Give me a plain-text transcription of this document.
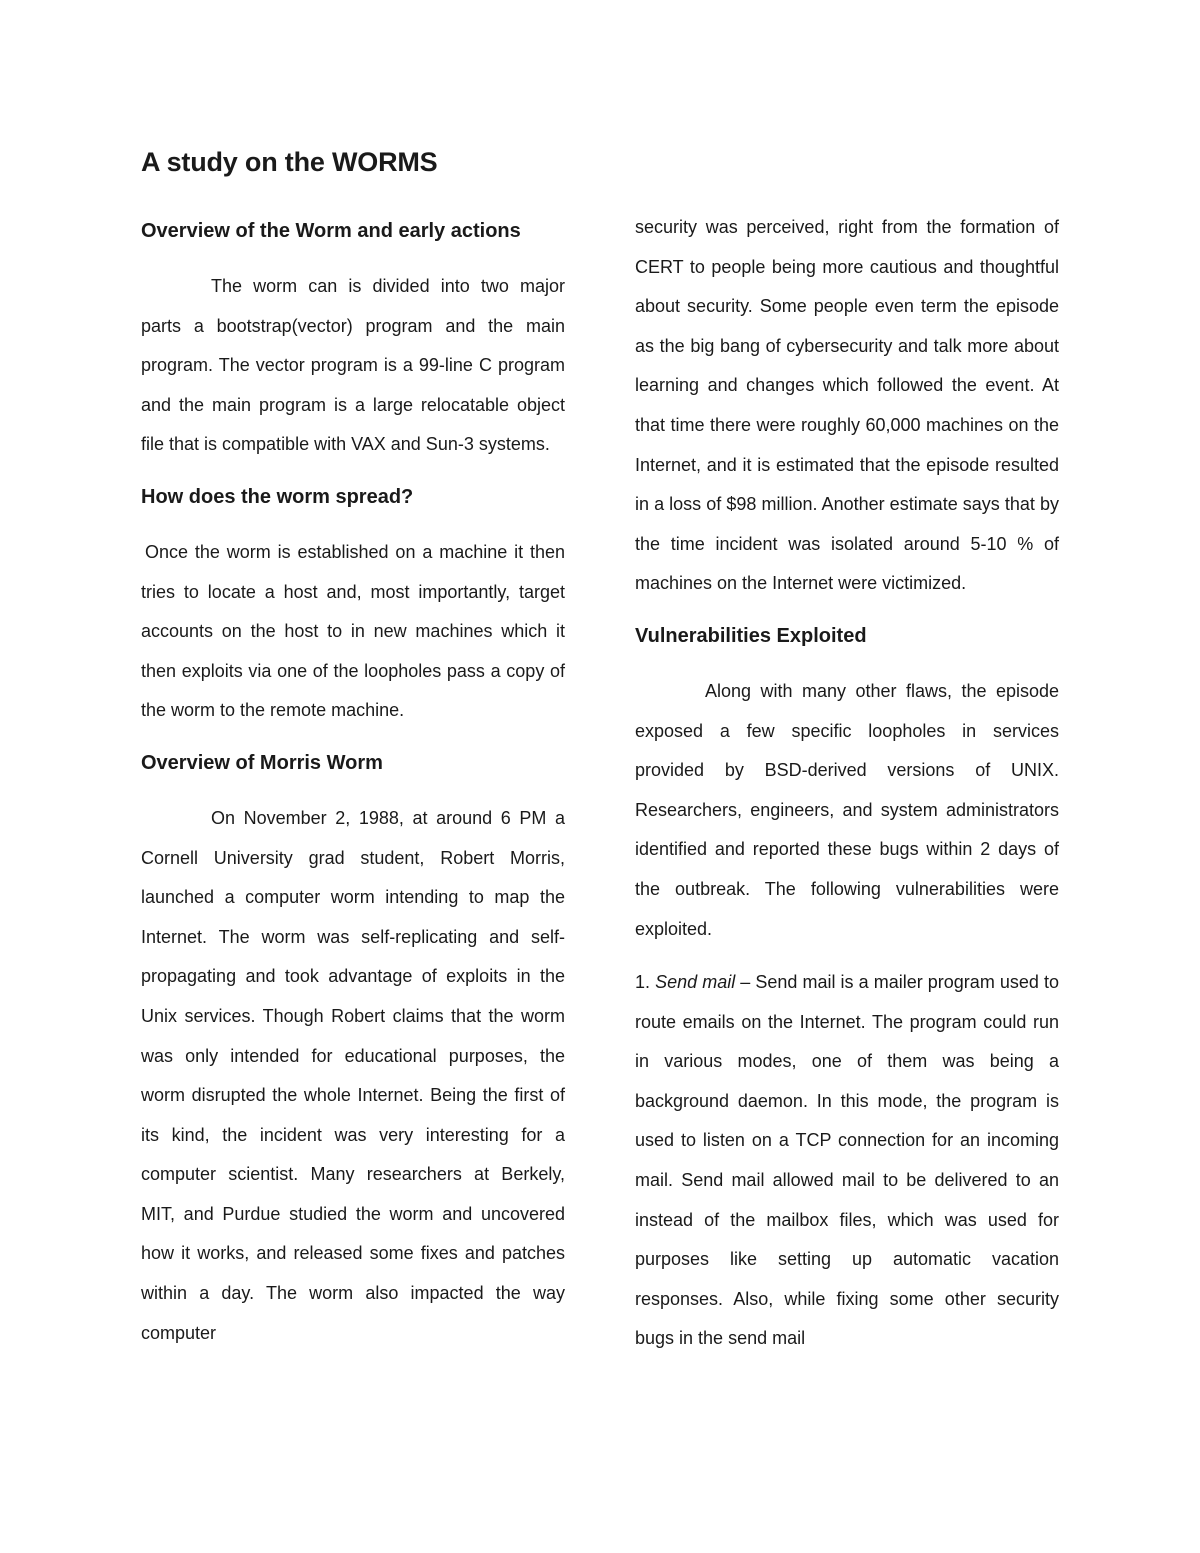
A study on the WORMS
Overview of the Worm and early actions

The worm can is divided into two major parts a bootstrap(vector) program and the main program. The vector program is a 99-line C program and the main program is a large relocatable object file that is compatible with VAX and Sun-3 systems.

How does the worm spread?

Once the worm is established on a machine it then tries to locate a host and, most importantly, target accounts on the host to in new machines which it then exploits via one of the loopholes pass a copy of the worm to the remote machine.

Overview of Morris Worm

On November 2, 1988, at around 6 PM a Cornell University grad student, Robert Morris, launched a computer worm intending to map the Internet. The worm was self-replicating and self-propagating and took advantage of exploits in the Unix services. Though Robert claims that the worm was only intended for educational purposes, the worm disrupted the whole Internet. Being the first of its kind, the incident was very interesting for a computer scientist. Many researchers at Berkely, MIT, and Purdue studied the worm and uncovered how it works, and released some fixes and patches within a day. The worm also impacted the way computer

security was perceived, right from the formation of CERT to people being more cautious and thoughtful about security. Some people even term the episode as the big bang of cybersecurity and talk more about learning and changes which followed the event. At that time there were roughly 60,000 machines on the Internet, and it is estimated that the episode resulted in a loss of $98 million. Another estimate says that by the time incident was isolated around 5-10 % of machines on the Internet were victimized.

Vulnerabilities Exploited

Along with many other flaws, the episode exposed a few specific loopholes in services provided by BSD-derived versions of UNIX. Researchers, engineers, and system administrators identified and reported these bugs within 2 days of the outbreak. The following vulnerabilities were exploited.

1. Send mail – Send mail is a mailer program used to route emails on the Internet. The program could run in various modes, one of them was being a background daemon. In this mode, the program is used to listen on a TCP connection for an incoming mail. Send mail allowed mail to be delivered to an instead of the mailbox files, which was used for purposes like setting up automatic vacation responses. Also, while fixing some other security bugs in the send mail
